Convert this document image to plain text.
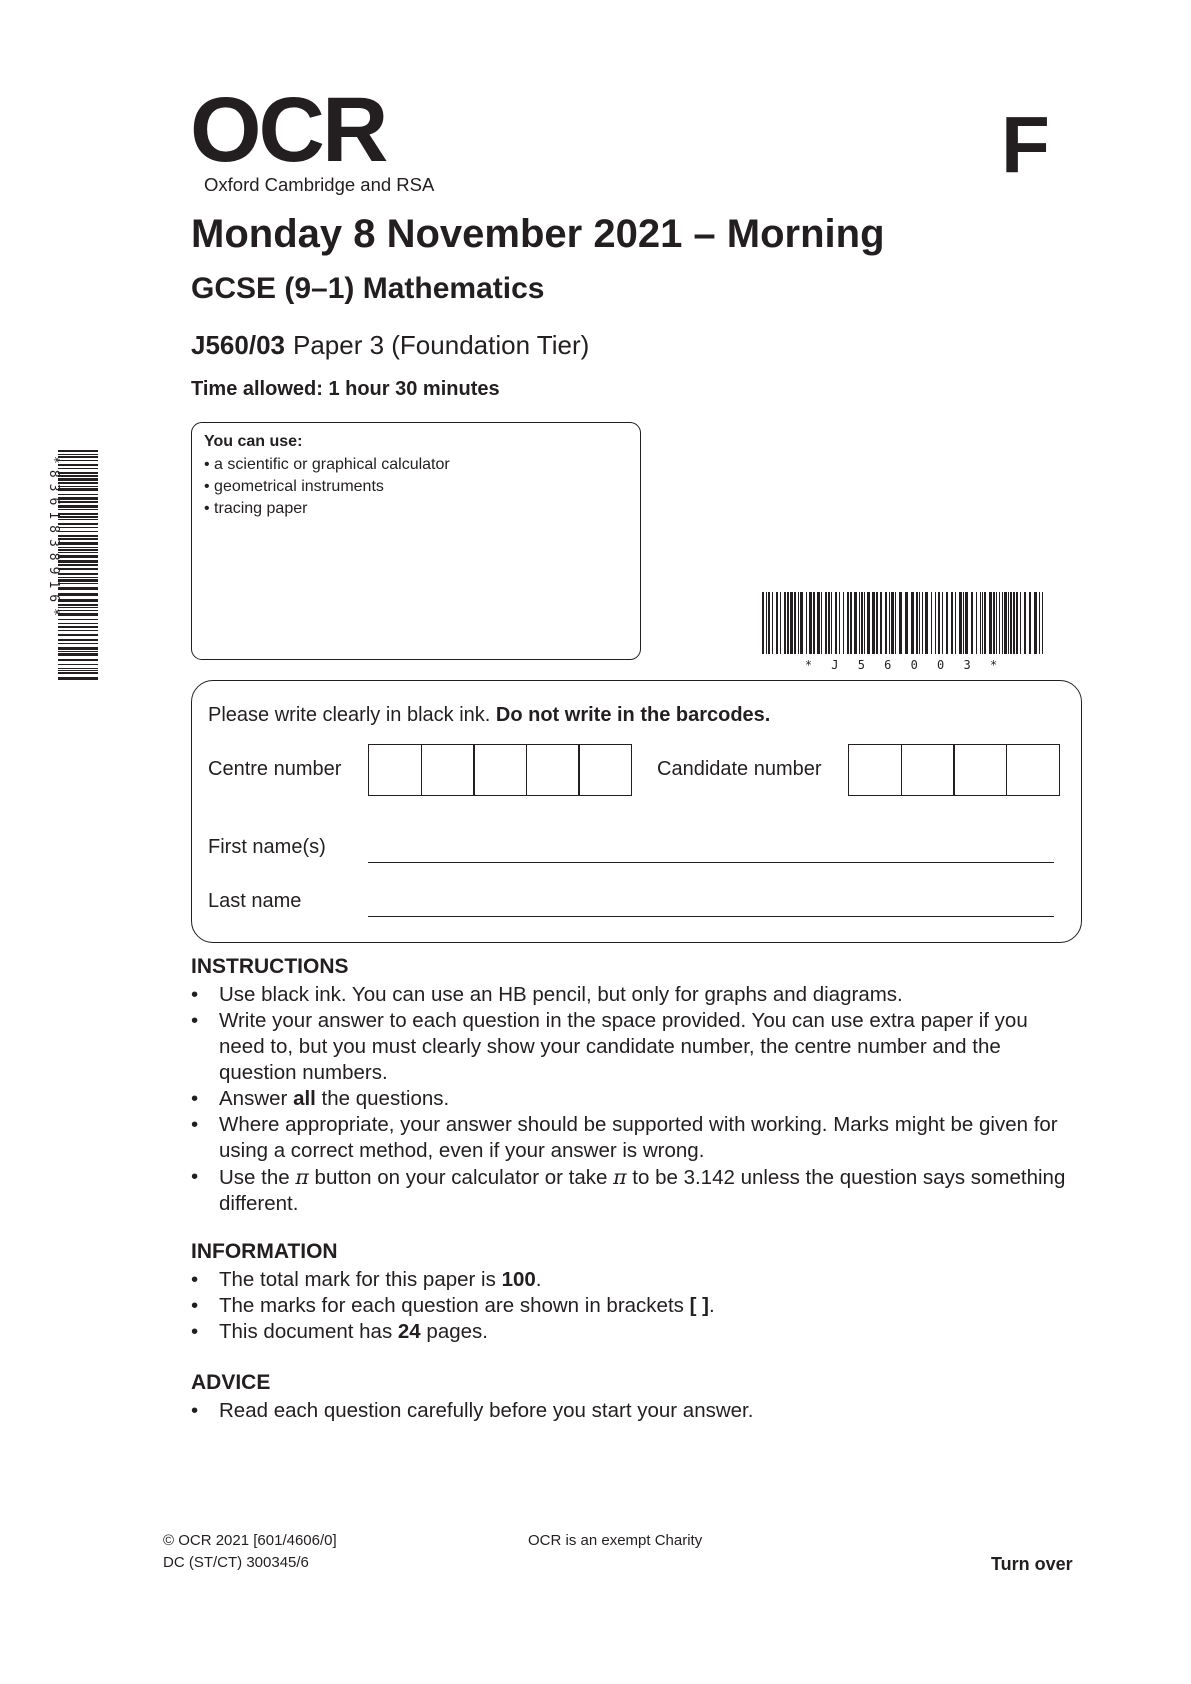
OCR
Oxford Cambridge and RSA	F
Monday 8 November 2021 – Morning
GCSE (9–1) Mathematics
J560/03 Paper 3 (Foundation Tier)
Time allowed: 1 hour 30 minutes
You can use:
• a scientific or graphical calculator
• geometrical instruments
• tracing paper
*8361838916*
* J 5 6 0 0 3 *
Please write clearly in black ink. Do not write in the barcodes.
Centre number	Candidate number
First name(s)
Last name
INSTRUCTIONS
• Use black ink. You can use an HB pencil, but only for graphs and diagrams.
• Write your answer to each question in the space provided. You can use extra paper if you need to, but you must clearly show your candidate number, the centre number and the question numbers.
• Answer all the questions.
• Where appropriate, your answer should be supported with working. Marks might be given for using a correct method, even if your answer is wrong.
• Use the π button on your calculator or take π to be 3.142 unless the question says something different.
INFORMATION
• The total mark for this paper is 100.
• The marks for each question are shown in brackets [ ].
• This document has 24 pages.
ADVICE
• Read each question carefully before you start your answer.
© OCR 2021 [601/4606/0]
DC (ST/CT) 300345/6
OCR is an exempt Charity
Turn over
